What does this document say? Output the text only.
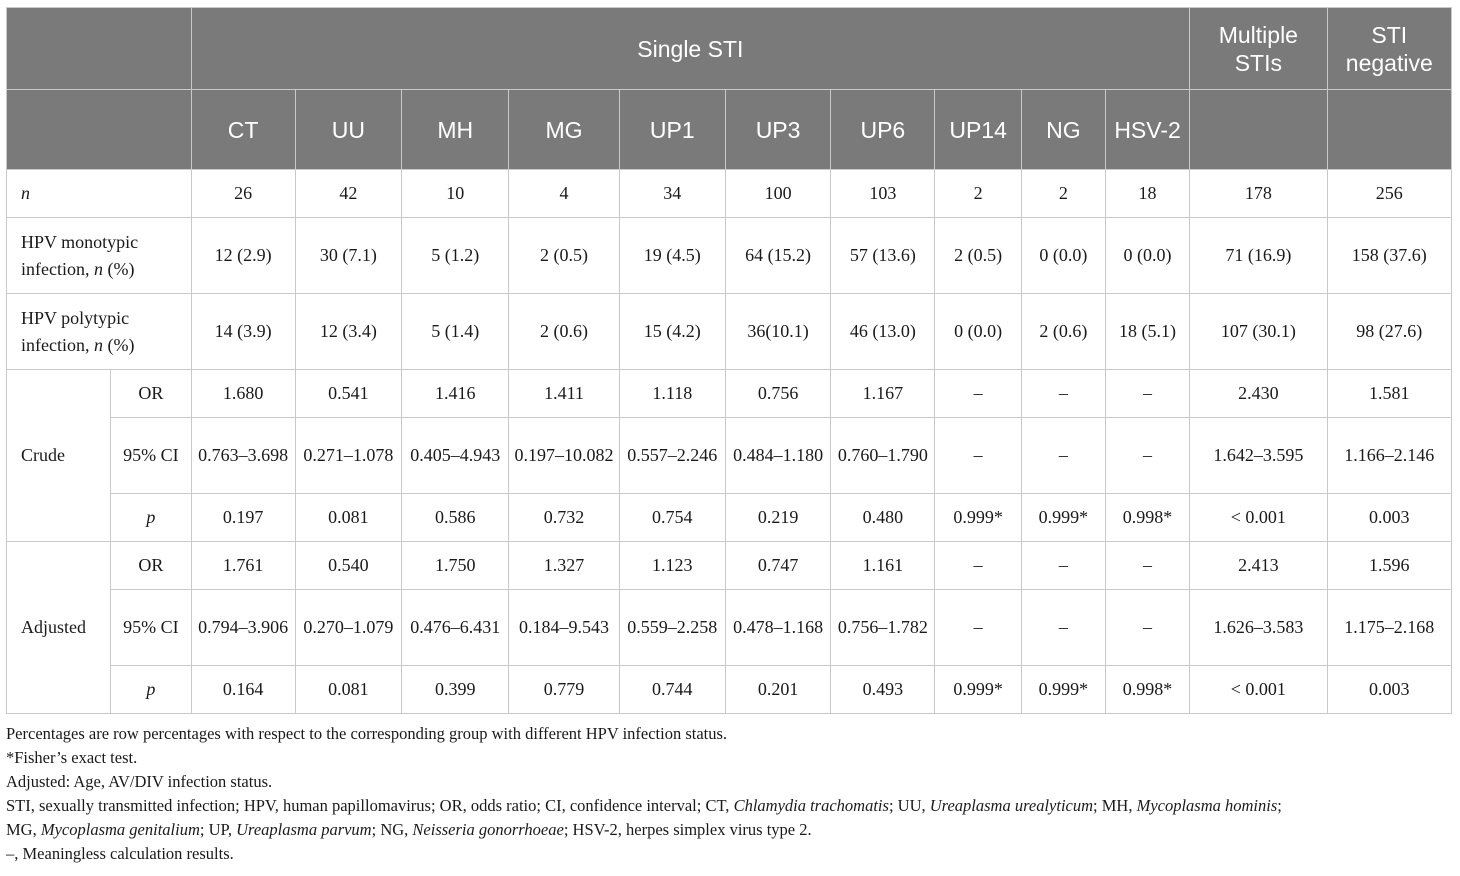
		Single STI										Multiple STIs	STI negative
		CT	UU	MH	MG	UP1	UP3	UP6	UP14	NG	HSV-2		
n		26	42	10	4	34	100	103	2	2	18	178	256
HPV monotypic infection, n (%)		12 (2.9)	30 (7.1)	5 (1.2)	2 (0.5)	19 (4.5)	64 (15.2)	57 (13.6)	2 (0.5)	0 (0.0)	0 (0.0)	71 (16.9)	158 (37.6)
HPV polytypic infection, n (%)		14 (3.9)	12 (3.4)	5 (1.4)	2 (0.6)	15 (4.2)	36(10.1)	46 (13.0)	0 (0.0)	2 (0.6)	18 (5.1)	107 (30.1)	98 (27.6)
Crude	OR	1.680	0.541	1.416	1.411	1.118	0.756	1.167	–	–	–	2.430	1.581
	95% CI	0.763–3.698	0.271–1.078	0.405–4.943	0.197–10.082	0.557–2.246	0.484–1.180	0.760–1.790	–	–	–	1.642–3.595	1.166–2.146
	p	0.197	0.081	0.586	0.732	0.754	0.219	0.480	0.999*	0.999*	0.998*	< 0.001	0.003
Adjusted	OR	1.761	0.540	1.750	1.327	1.123	0.747	1.161	–	–	–	2.413	1.596
	95% CI	0.794–3.906	0.270–1.079	0.476–6.431	0.184–9.543	0.559–2.258	0.478–1.168	0.756–1.782	–	–	–	1.626–3.583	1.175–2.168
	p	0.164	0.081	0.399	0.779	0.744	0.201	0.493	0.999*	0.999*	0.998*	< 0.001	0.003

Percentages are row percentages with respect to the corresponding group with different HPV infection status.

*Fisher’s exact test.

Adjusted: Age, AV/DIV infection status.

STI, sexually transmitted infection; HPV, human papillomavirus; OR, odds ratio; CI, confidence interval; CT, Chlamydia trachomatis; UU, Ureaplasma urealyticum; MH, Mycoplasma hominis;

MG, Mycoplasma genitalium; UP, Ureaplasma parvum; NG, Neisseria gonorrhoeae; HSV-2, herpes simplex virus type 2.

–, Meaningless calculation results.
